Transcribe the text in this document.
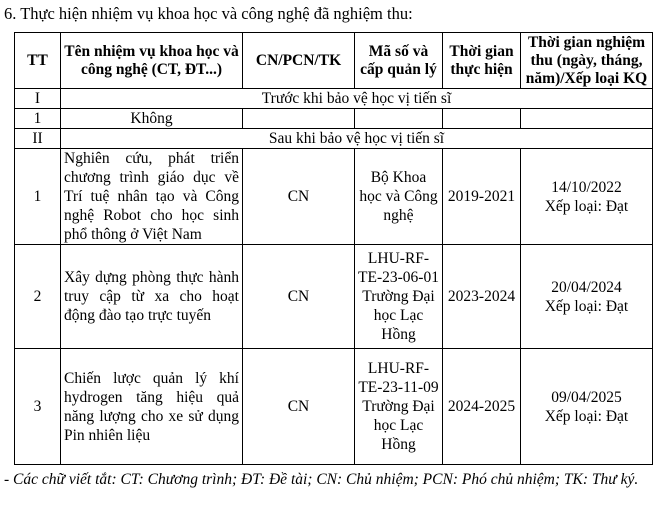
6. Thực hiện nhiệm vụ khoa học và công nghệ đã nghiệm thu:
TT	Tên nhiệm vụ khoa học và công nghệ (CT, ĐT...)	CN/PCN/TK	Mã số và cấp quản lý	Thời gian thực hiện	Thời gian nghiệm thu (ngày, tháng, năm)/Xếp loại KQ
I	Trước khi bảo vệ học vị tiến sĩ				
1	Không				
II	Sau khi bảo vệ học vị tiến sĩ				
1	Nghiên cứu, phát triển chương trình giáo dục về Trí tuệ nhân tạo và Công nghệ Robot cho học sinh phổ thông ở Việt Nam	CN	Bộ Khoa học và Công nghệ	2019-2021	14/10/2022
Xếp loại: Đạt

2	Xây dựng phòng thực hành truy cập từ xa cho hoạt động đào tạo trực tuyến	CN	LHU-RF-TE-23-06-01 Trường Đại học Lạc Hồng	2023-2024	20/04/2024
Xếp loại: Đạt

3	Chiến lược quản lý khí hydrogen tăng hiệu quả năng lượng cho xe sử dụng Pin nhiên liệu	CN	LHU-RF-TE-23-11-09 Trường Đại học Lạc Hồng	2024-2025	09/04/2025
Xếp loại: Đạt
- Các chữ viết tắt: CT: Chương trình; ĐT: Đề tài; CN: Chủ nhiệm; PCN: Phó chủ nhiệm; TK: Thư ký.
